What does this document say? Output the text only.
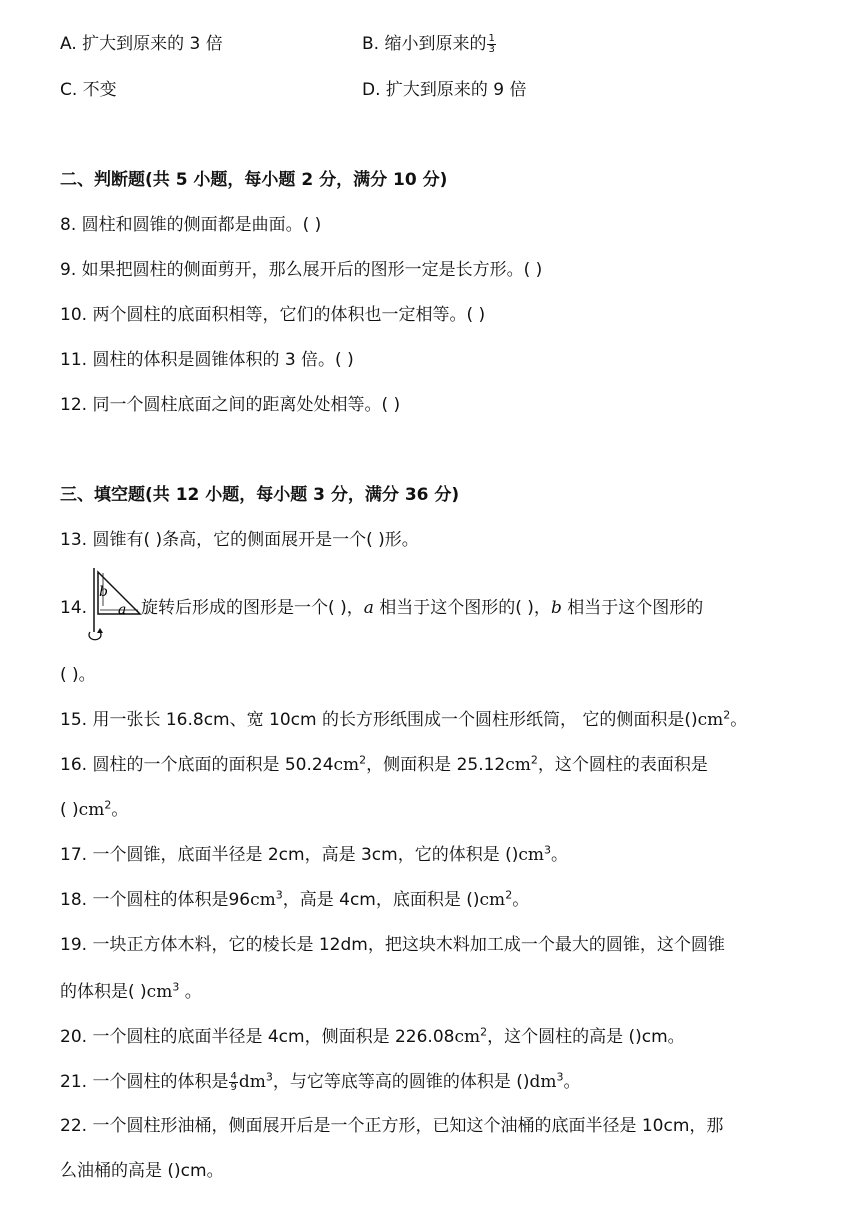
A. 扩大到原来的 3 倍	B. 缩小到原来的 $\frac{1}{3}$
C. 不变	D. 扩大到原来的 9 倍
二、判断题(共 5 小题，每小题 2 分，满分 10 分)
8. 圆柱和圆锥的侧面都是曲面。( )
9. 如果把圆柱的侧面剪开，那么展开后的图形一定是长方形。( )
10. 两个圆柱的底面积相等，它们的体积也一定相等。( )
11. 圆柱的体积是圆锥体积的 3 倍。( )
12. 同一个圆柱底面之间的距离处处相等。( )
三、填空题(共 12 小题，每小题 3 分，满分 36 分)
13. 圆锥有( )条高，它的侧面展开是一个( )形。
14.	旋转后形成的图形是一个( )，a 相当于这个图形的( )，b 相当于这个图形的
b
a
( )。
15. 用一张长 16.8cm、宽 10cm 的长方形纸围成一个圆柱形纸筒， 它的侧面积是$()cm^2$。
16. 圆柱的一个底面的面积是 $50.24cm^2$，侧面积是 $25.12cm^2$，这个圆柱的表面积是
( )$cm^2$。
17. 一个圆锥，底面半径是 2cm，高是 3cm，它的体积是 $()cm^3$。
18. 一个圆柱的体积是$96cm^3$，高是 4cm，底面积是 $()cm^2$。
19. 一块正方体木料，它的棱长是 12dm，把这块木料加工成一个最大的圆锥，这个圆锥
的体积是( )$cm^3$ 。
20. 一个圆柱的底面半径是 4cm，侧面积是 $226.08cm^2$，这个圆柱的高是 ()cm。
21. 一个圆柱的体积是 $\frac{4}{9} dm^3$，与它等底等高的圆锥的体积是 $()dm^3$。
22. 一个圆柱形油桶，侧面展开后是一个正方形，已知这个油桶的底面半径是 10cm，那
么油桶的高是 ()cm。
